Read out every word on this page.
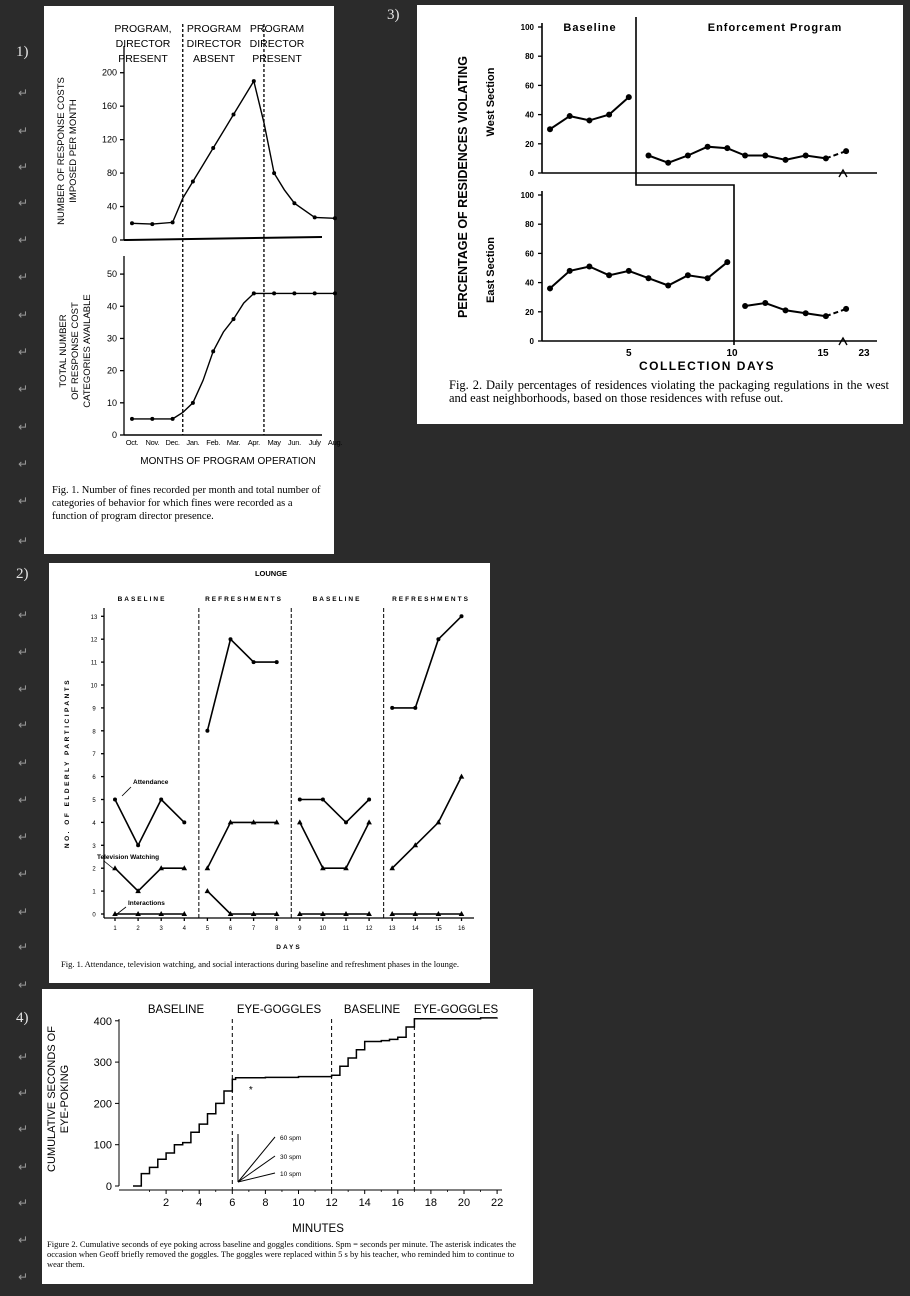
1)
3)
2)
4)
↵
↵
↵
↵
↵
↵
↵
↵
↵
↵
↵
↵
↵
↵
↵
↵
↵
↵
↵
↵
↵
↵
↵
↵
↵
↵
↵
↵
↵
↵
↵
PROGRAM,
DIRECTOR
PRESENT
PROGRAM
DIRECTOR
ABSENT
PROGRAM
DIRECTOR
PRESENT
0
40
80
120
160
200
0
10
20
30
40
50
Oct. Nov. Dec. Jan. Feb. Mar. Apr. May Jun. July Aug.
MONTHS OF PROGRAM OPERATION
NUMBER OF RESPONSE COSTS IMPOSED PER MONTH
TOTAL NUMBER OF RESPONSE COST CATEGORIES AVAILABLE
Fig. 1. Number of fines recorded per month and total number of categories of behavior for which fines were recorded as a function of program director presence.
Baseline	Enforcement Program
0
20
40
60
80
100
West Section
0
20
40
60
80
100
East Section
PERCENTAGE OF RESIDENCES VIOLATING
5	10	15	23
COLLECTION DAYS
Fig. 2. Daily percentages of residences violating the packaging regulations in the west and east neighborhoods, based on those residences with refuse out.
LOUNGE
BASELINE	REFRESHMENTS	BASELINE	REFRESHMENTS
0
1
2
3
4
5
6
7
8
9
10
11
12
13
1	2	3	4	5	6	7	8	9	10	11	12	13	14	15	16
Attendance
Television Watching
Interactions
NO. OF ELDERLY PARTICIPANTS
DAYS
Fig. 1. Attendance, television watching, and social interactions during baseline and refreshment phases in the lounge.
BASELINE	EYE-GOGGLES BASELINE EYE-GOGGLES
0
100
200
300
400
2 4 6 8 10 12 14 16 18 20 22
*
60 spm
30 spm
10 spm
CUMULATIVE SECONDS OF EYE-POKING
MINUTES
Figure 2. Cumulative seconds of eye poking across baseline and goggles conditions. Spm = seconds per minute. The asterisk indicates the occasion when Geoff briefly removed the goggles. The goggles were replaced within 5 s by his teacher, who reminded him to continue to wear them.
